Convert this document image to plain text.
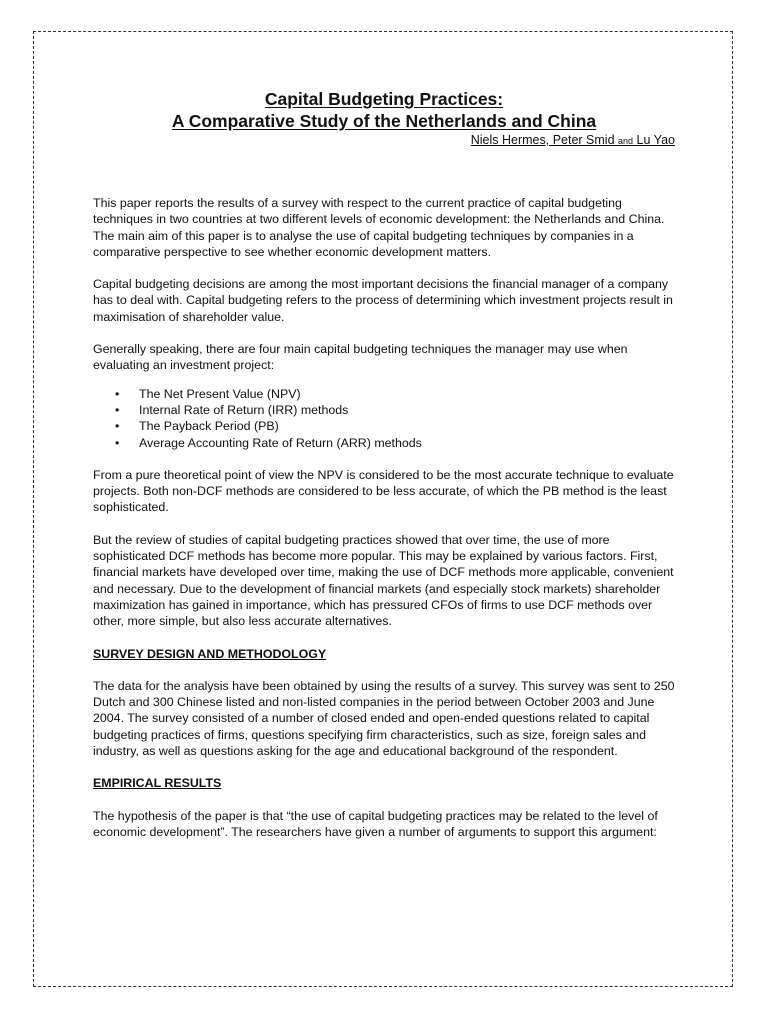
Capital Budgeting Practices:
A Comparative Study of the Netherlands and China
Niels Hermes, Peter Smid and Lu Yao

This paper reports the results of a survey with respect to the current practice of capital budgeting techniques in two countries at two different levels of economic development: the Netherlands and China. The main aim of this paper is to analyse the use of capital budgeting techniques by companies in a comparative perspective to see whether economic development matters.

Capital budgeting decisions are among the most important decisions the financial manager of a company has to deal with. Capital budgeting refers to the process of determining which investment projects result in maximisation of shareholder value.

Generally speaking, there are four main capital budgeting techniques the manager may use when evaluating an investment project:

• The Net Present Value (NPV)
• Internal Rate of Return (IRR) methods
• The Payback Period (PB)
• Average Accounting Rate of Return (ARR) methods

From a pure theoretical point of view the NPV is considered to be the most accurate technique to evaluate projects. Both non-DCF methods are considered to be less accurate, of which the PB method is the least sophisticated.

But the review of studies of capital budgeting practices showed that over time, the use of more sophisticated DCF methods has become more popular. This may be explained by various factors. First, financial markets have developed over time, making the use of DCF methods more applicable, convenient and necessary. Due to the development of financial markets (and especially stock markets) shareholder maximization has gained in importance, which has pressured CFOs of firms to use DCF methods over other, more simple, but also less accurate alternatives.

SURVEY DESIGN AND METHODOLOGY

The data for the analysis have been obtained by using the results of a survey. This survey was sent to 250 Dutch and 300 Chinese listed and non-listed companies in the period between October 2003 and June 2004. The survey consisted of a number of closed ended and open-ended questions related to capital budgeting practices of firms, questions specifying firm characteristics, such as size, foreign sales and industry, as well as questions asking for the age and educational background of the respondent.

EMPIRICAL RESULTS

The hypothesis of the paper is that “the use of capital budgeting practices may be related to the level of economic development”. The researchers have given a number of arguments to support this argument:
